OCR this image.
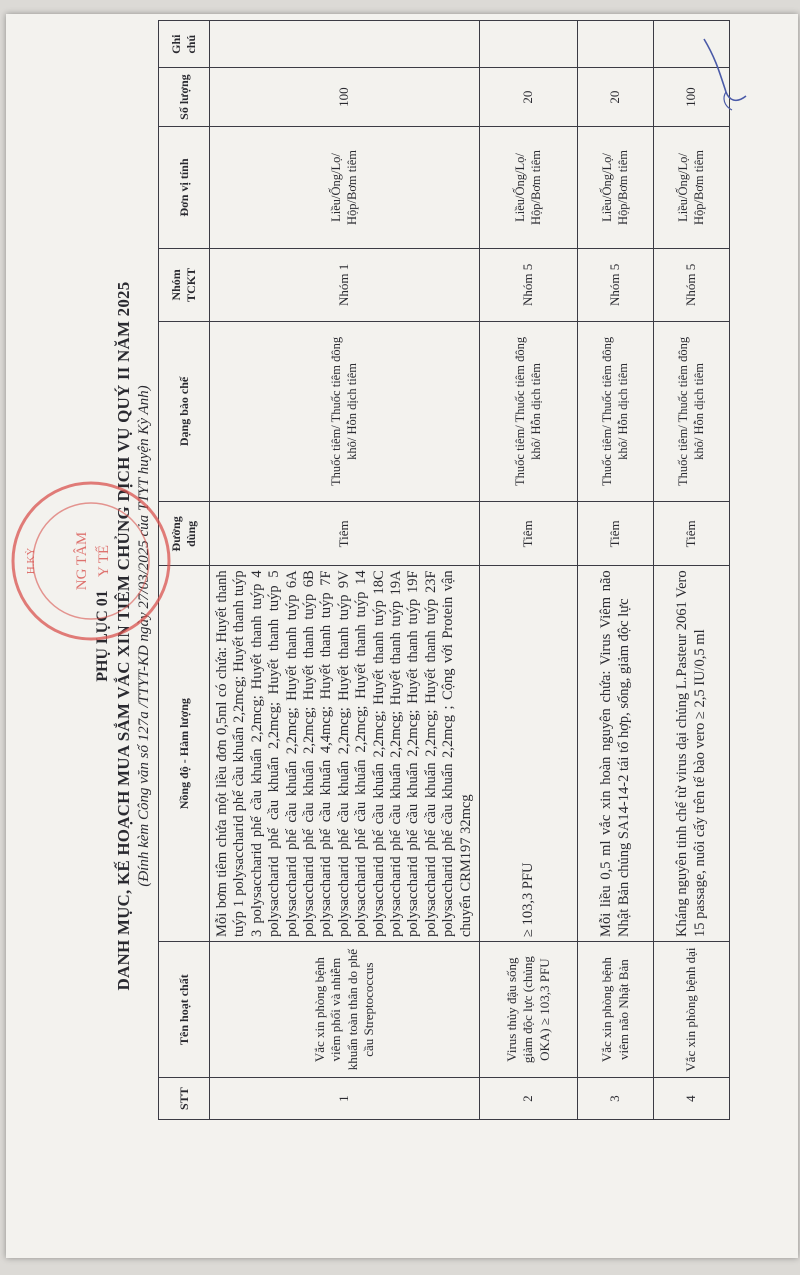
PHỤ LỤC 01 DANH MỤC, KẾ HOẠCH MUA SẮM VẮC XIN TIÊM CHỦNG DỊCH VỤ QUÝ II NĂM 2025 (Đính kèm Công văn số 127a /TTYT-KD ngày 27/03/2025 của TTYT huyện Kỳ Anh)
STT	Tên hoạt chất	Nồng độ - Hàm lượng	Đường dùng	Dạng bào chế	Nhóm TCKT	Đơn vị tính	Số lượng	Ghi chú
1	Vắc xin phòng bệnh viêm phổi và nhiễm khuẩn toàn thân do phế cầu Streptococcus	Mỗi bơm tiêm chứa một liều đơn 0,5ml có chứa: Huyết thanh tuýp 1 polysaccharid phế cầu khuẩn 2,2mcg; Huyết thanh tuýp 3 polysaccharid phế cầu khuẩn 2,2mcg; Huyết thanh tuýp 4 polysaccharid phế cầu khuẩn 2,2mcg; Huyết thanh tuýp 5 polysaccharid phế cầu khuẩn 2,2mcg; Huyết thanh tuýp 6A polysaccharid phế cầu khuẩn 2,2mcg; Huyết thanh tuýp 6B polysaccharid phế cầu khuẩn 4,4mcg; Huyết thanh tuýp 7F polysaccharid phế cầu khuẩn 2,2mcg; Huyết thanh tuýp 9V polysaccharid phế cầu khuẩn 2,2mcg; Huyết thanh tuýp 14 polysaccharid phế cầu khuẩn 2,2mcg; Huyết thanh tuýp 18C polysaccharid phế cầu khuẩn 2,2mcg; Huyết thanh tuýp 19A polysaccharid phế cầu khuẩn 2,2mcg; Huyết thanh tuýp 19F polysaccharid phế cầu khuẩn 2,2mcg; Huyết thanh tuýp 23F polysaccharid phế cầu khuẩn 2,2mcg ; Cộng với Protein vận chuyển CRM197 32mcg	Tiêm	Thuốc tiêm/ Thuốc tiêm đông khô/ Hỗn dịch tiêm	Nhóm 1	Liều/Ống/Lọ/ Hộp/Bơm tiêm	100	
2	Virus thủy đậu sống giảm độc lực (chủng OKA) ≥ 103,3 PFU	≥ 103,3 PFU	Tiêm	Thuốc tiêm/ Thuốc tiêm đông khô/ Hỗn dịch tiêm	Nhóm 5	Liều/Ống/Lọ/ Hộp/Bơm tiêm	20	
3	Vắc xin phòng bệnh viêm não Nhật Bản	Mỗi liều 0,5 ml vắc xin hoàn nguyên chứa: Virus Viêm não Nhật Bản chủng SA14-14-2 tái tổ hợp, sống, giảm độc lực	Tiêm	Thuốc tiêm/ Thuốc tiêm đông khô/ Hỗn dịch tiêm	Nhóm 5	Liều/Ống/Lọ/ Hộp/Bơm tiêm	20	
4	Vắc xin phòng bệnh dại	Kháng nguyên tinh chế từ virus dại chủng L.Pasteur 2061 Vero 15 passage, nuôi cấy trên tế bào vero ≥ 2,5 IU/0,5 ml	Tiêm	Thuốc tiêm/ Thuốc tiêm đông khô/ Hỗn dịch tiêm	Nhóm 5	Liều/Ống/Lọ/ Hộp/Bơm tiêm	100	
NG TÂM Y TẾ
H.KỲ
